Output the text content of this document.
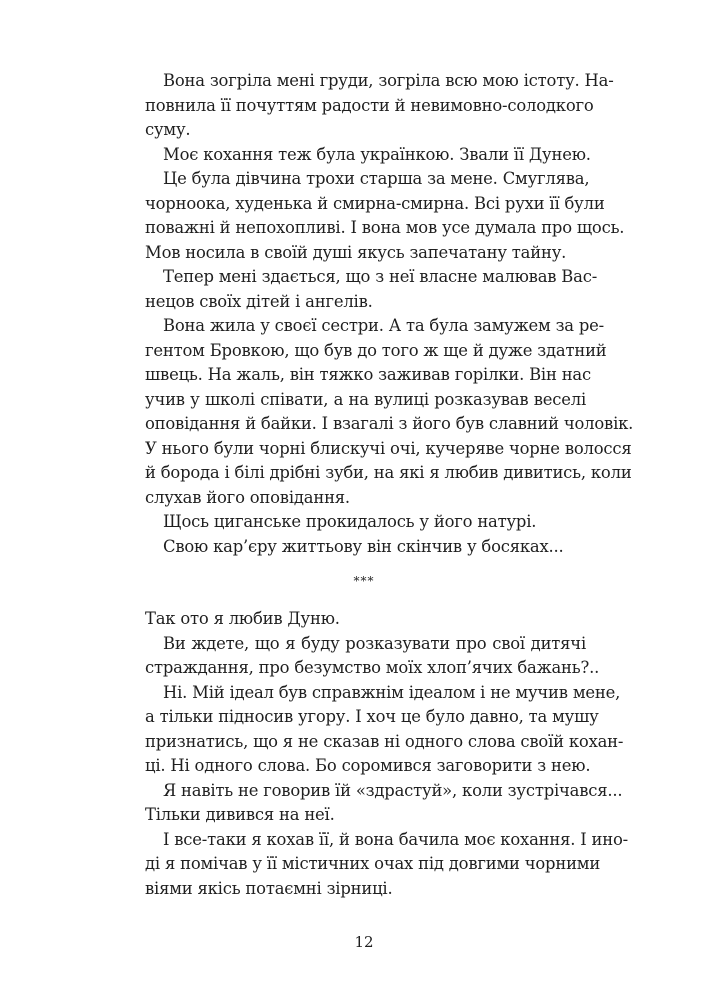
Вона зогріла мені груди, зогріла всю мою істоту. На-
повнила її почуттям радости й невимовно-солодкого
суму.
Моє кохання теж була українкою. Звали її Дунею.
Це була дівчина трохи старша за мене. Смуглява,
чорноока, худенька й смирна-смирна. Всі рухи її були
поважні й непохопливі. І вона мов усе думала про щось.
Мов носила в своїй душі якусь запечатану тайну.
Тепер мені здається, що з неї власне малював Вас-
нецов своїх дітей і ангелів.
Вона жила у своєї сестри. А та була замужем за ре-
гентом Бровкою, що був до того ж ще й дуже здатний
швець. На жаль, він тяжко заживав горілки. Він нас
учив у школі співати, а на вулиці розказував веселі
оповідання й байки. І взагалі з його був славний чоловік.
У нього були чорні блискучі очі, кучеряве чорне волосся
й борода і білі дрібні зуби, на які я любив дивитись, коли
слухав його оповідання.
Щось циганське прокидалось у його натурі.
Свою кар’єру життьову він скінчив у босяках...
***
Так ото я любив Дуню.
Ви ждете, що я буду розказувати про свої дитячі
страждання, про безумство моїх хлоп’ячих бажань?..
Ні. Мій ідеал був справжнім ідеалом і не мучив мене,
а тільки підносив угору. І хоч це було давно, та мушу
признатись, що я не сказав ні одного слова своїй кохан-
ці. Ні одного слова. Бо соромився заговорити з нею.
Я навіть не говорив їй «здрастуй», коли зустрічався...
Тільки дивився на неї.
І все-таки я кохав її, й вона бачила моє кохання. І ино-
ді я помічав у її містичних очах під довгими чорними
віями якісь потаємні зірниці.
12
